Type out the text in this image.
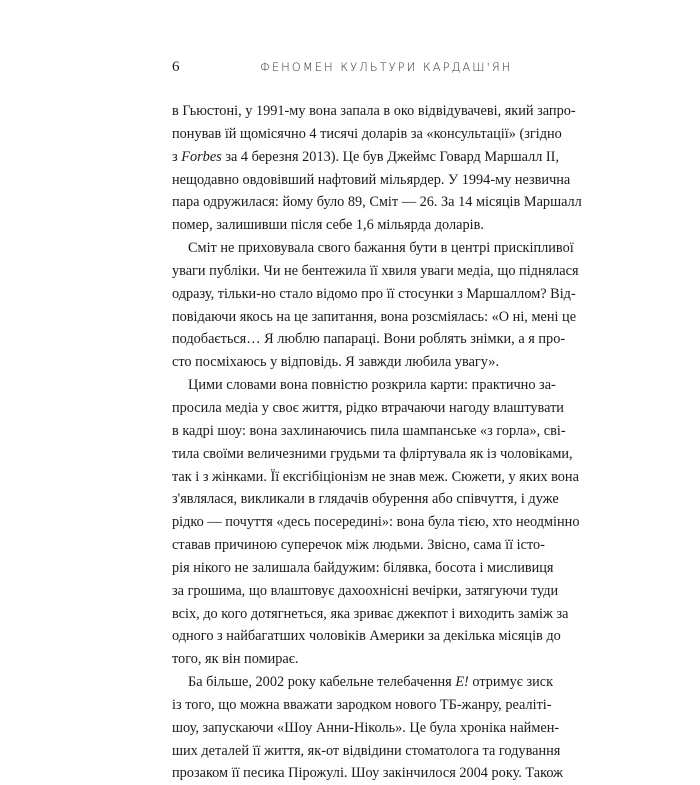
6	ФЕНОМЕН КУЛЬТУРИ КАРДАШ'ЯН
в Гьюстоні, у 1991-му вона запала в око відвідувачеві, який запро-
понував їй щомісячно 4 тисячі доларів за «консультації» (згідно
з Forbes за 4 березня 2013). Це був Джеймс Говард Маршалл II,
нещодавно овдовівший нафтовий мільярдер. У 1994-му незвична
пара одружилася: йому було 89, Сміт — 26. За 14 місяців Маршалл
помер, залишивши після себе 1,6 мільярда доларів.
Сміт не приховувала свого бажання бути в центрі прискіпливої
уваги публіки. Чи не бентежила її хвиля уваги медіа, що піднялася
одразу, тільки-но стало відомо про її стосунки з Маршаллом? Від-
повідаючи якось на це запитання, вона розсміялась: «О ні, мені це
подобається… Я люблю папараці. Вони роблять знімки, а я про-
сто посміхаюсь у відповідь. Я завжди любила увагу».
Цими словами вона повністю розкрила карти: практично за-
просила медіа у своє життя, рідко втрачаючи нагоду влаштувати
в кадрі шоу: вона захлинаючись пила шампанське «з горла», сві-
тила своїми величезними грудьми та фліртувала як із чоловіками,
так і з жінками. Її ексгібіціонізм не знав меж. Сюжети, у яких вона
з'являлася, викликали в глядачів обурення або співчуття, і дуже
рідко — почуття «десь посередині»: вона була тією, хто неодмінно
ставав причиною суперечок між людьми. Звісно, сама її істо-
рія нікого не залишала байдужим: білявка, босота і мисливиця
за грошима, що влаштовує дахоохнісні вечірки, затягуючи туди
всіх, до кого дотягнеться, яка зриває джекпот і виходить заміж за
одного з найбагатших чоловіків Америки за декілька місяців до
того, як він помирає.
Ба більше, 2002 року кабельне телебачення E! отримує зиск
із того, що можна вважати зародком нового ТБ-жанру, реаліті-
шоу, запускаючи «Шоу Анни-Ніколь». Це була хроніка наймен-
ших деталей її життя, як-от відвідини стоматолога та годування
прозаком її песика Пірожулі. Шоу закінчилося 2004 року. Також
